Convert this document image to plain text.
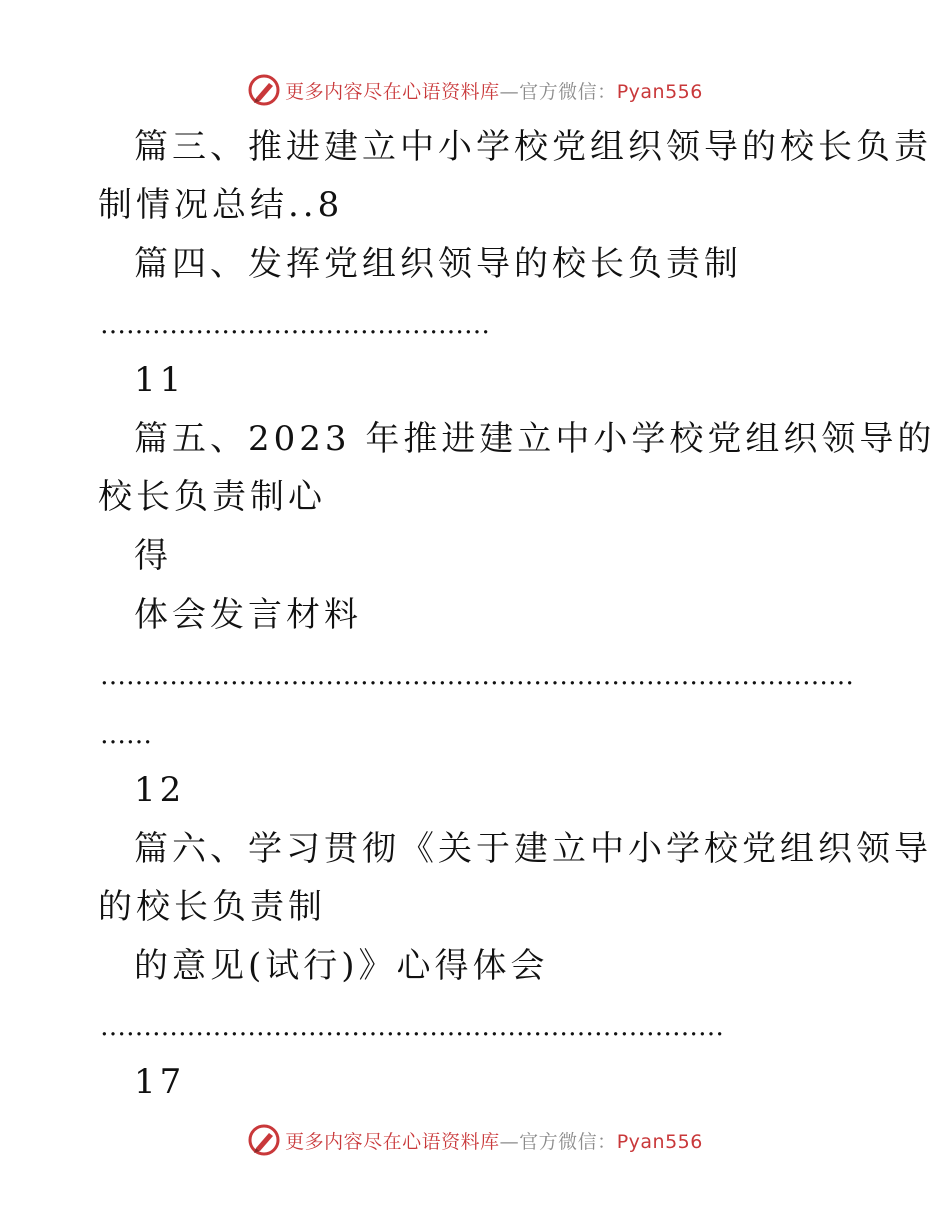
更多内容尽在心语资料库—官方微信：Pyan556
篇三、推进建立中小学校党组织领导的校长负责
制情况总结..8
篇四、发挥党组织领导的校长负责制
………………………………………
11
篇五、2023 年推进建立中小学校党组织领导的
校长负责制心
得
体会发言材料
……………………………………………………………………………
……
12
篇六、学习贯彻《关于建立中小学校党组织领导
的校长负责制
的意见(试行)》心得体会
………………………………………………………………
17
更多内容尽在心语资料库—官方微信：Pyan556
